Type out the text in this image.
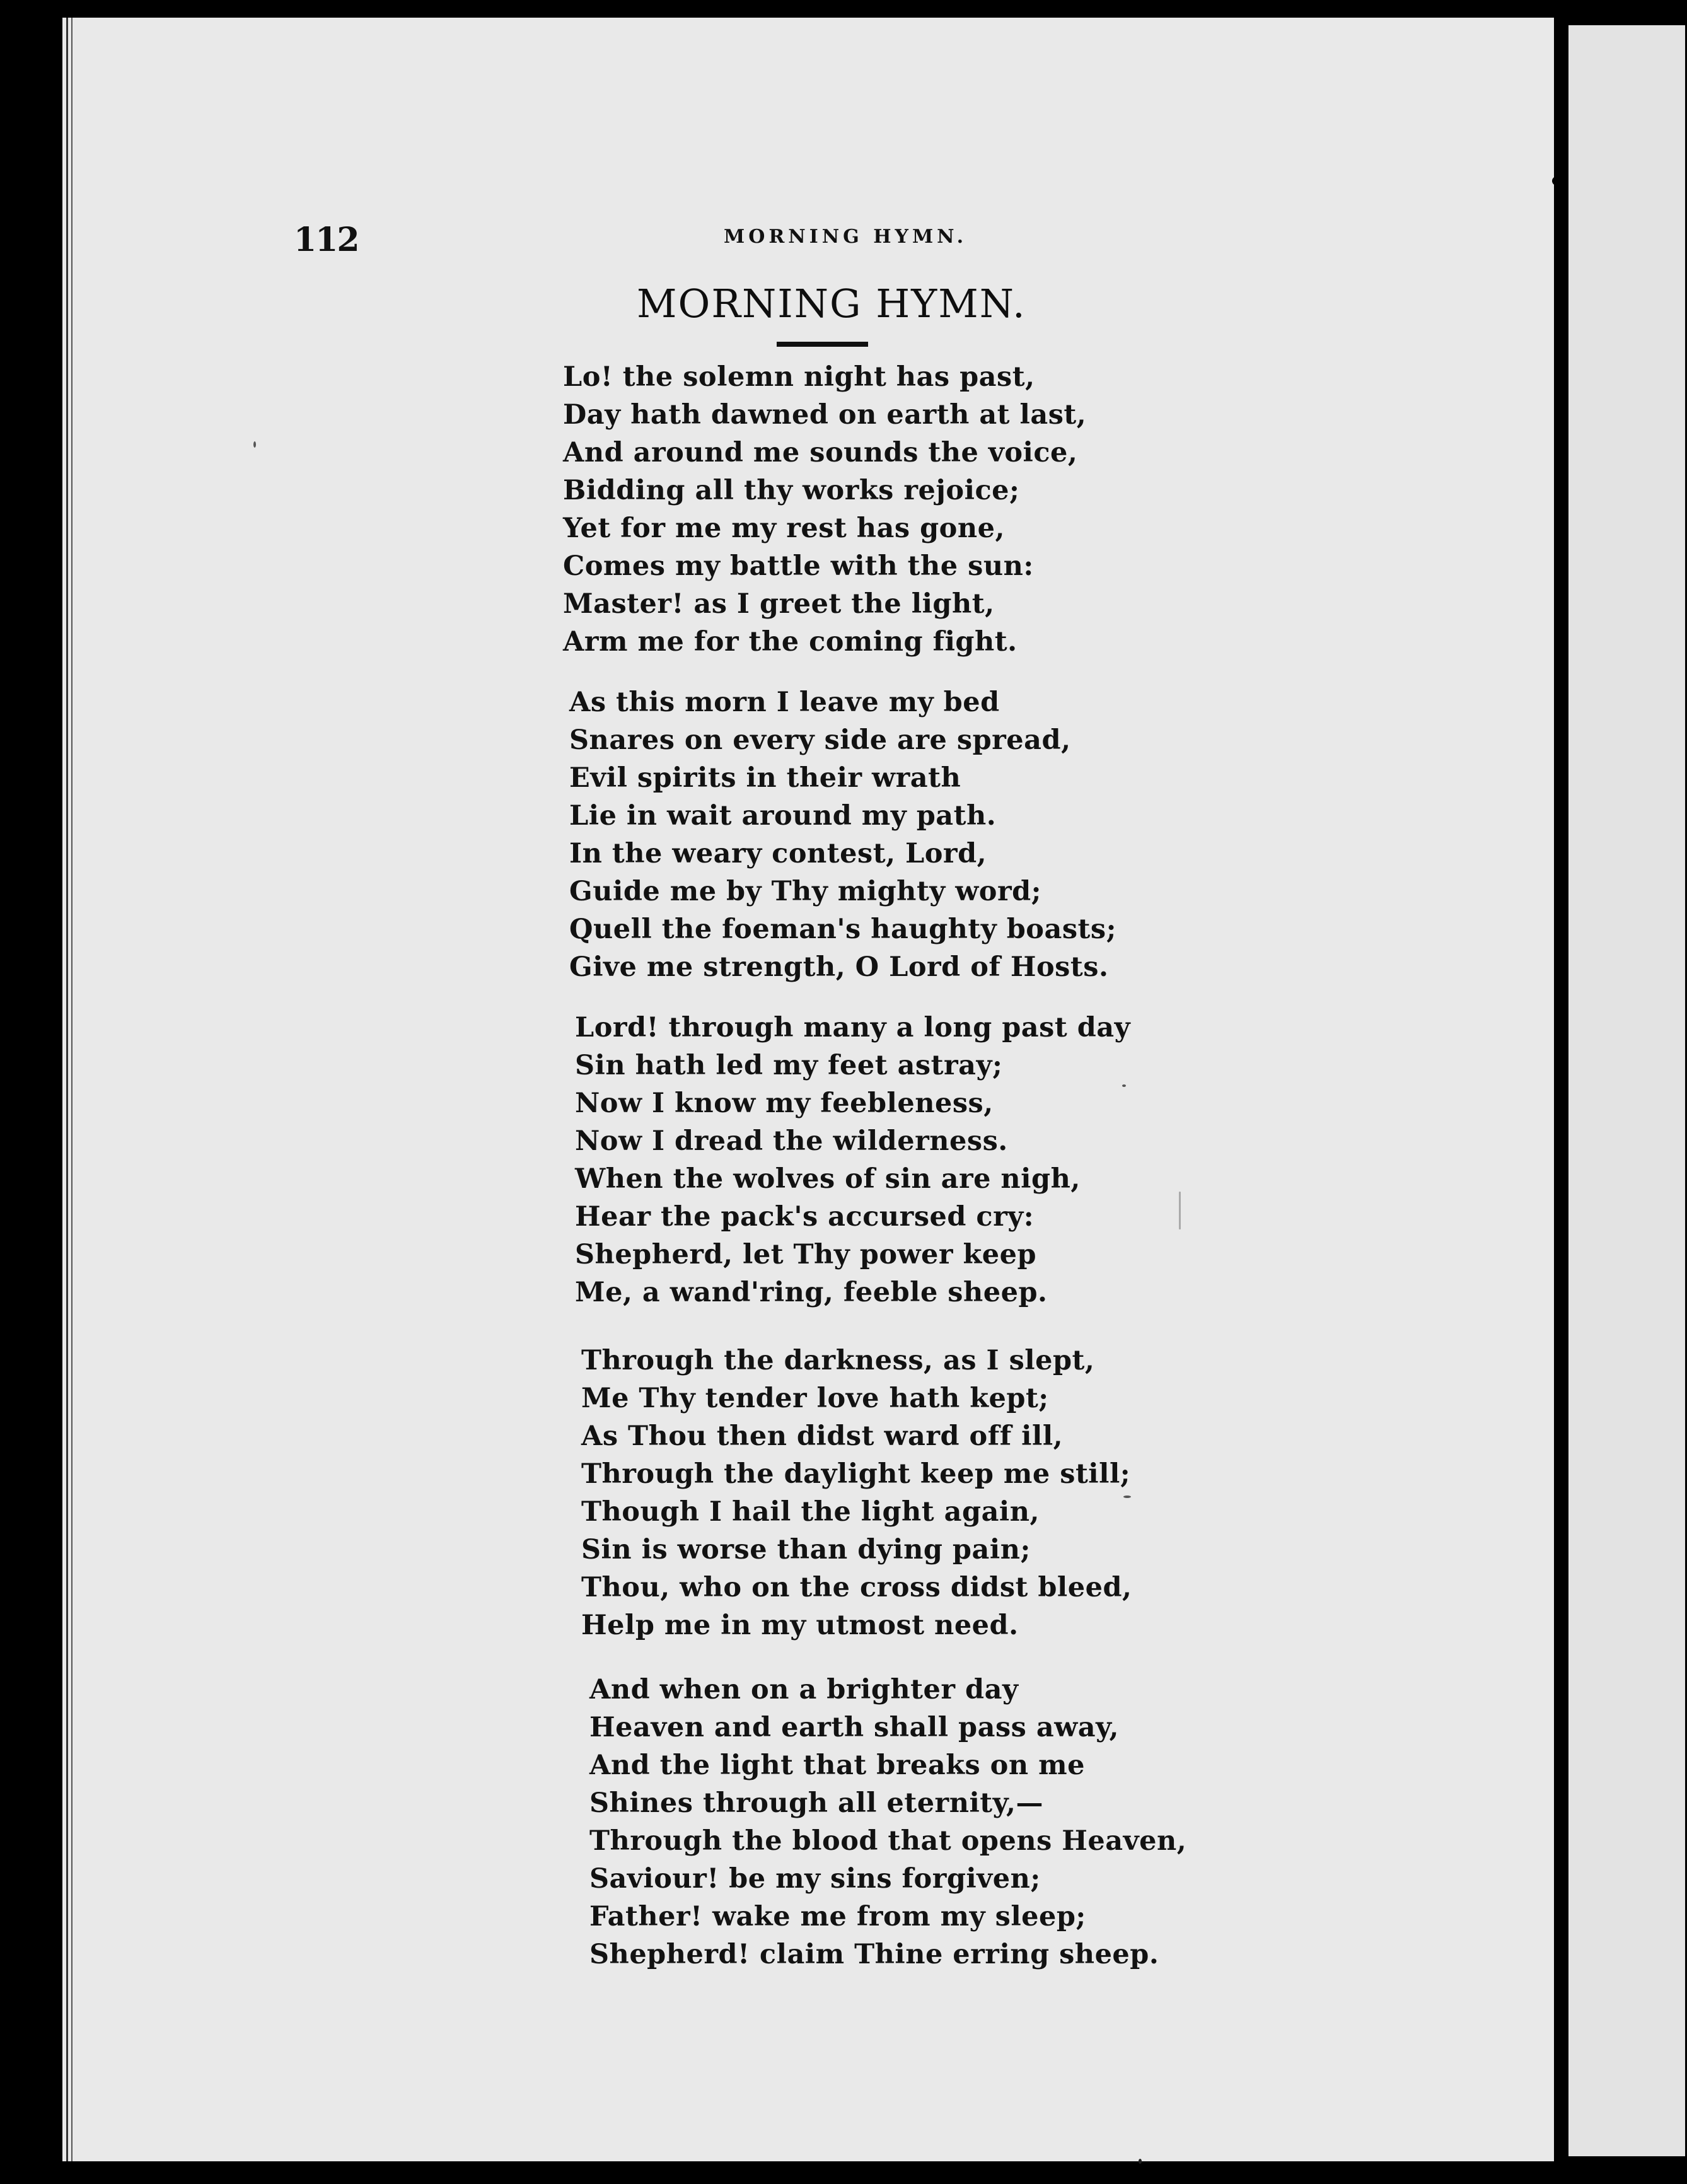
112	MORNING HYMN.
MORNING HYMN.
Lo! the solemn night has past,
Day hath dawned on earth at last,
And around me sounds the voice,
Bidding all thy works rejoice;
Yet for me my rest has gone,
Comes my battle with the sun:
Master! as I greet the light,
Arm me for the coming fight.
As this morn I leave my bed
Snares on every side are spread,
Evil spirits in their wrath
Lie in wait around my path.
In the weary contest, Lord,
Guide me by Thy mighty word;
Quell the foeman's haughty boasts;
Give me strength, O Lord of Hosts.
Lord! through many a long past day
Sin hath led my feet astray;
Now I know my feebleness,
Now I dread the wilderness.
When the wolves of sin are nigh,
Hear the pack's accursed cry:
Shepherd, let Thy power keep
Me, a wand'ring, feeble sheep.
Through the darkness, as I slept,
Me Thy tender love hath kept;
As Thou then didst ward off ill,
Through the daylight keep me still;
Though I hail the light again,
Sin is worse than dying pain;
Thou, who on the cross didst bleed,
Help me in my utmost need.
And when on a brighter day
Heaven and earth shall pass away,
And the light that breaks on me
Shines through all eternity,—
Through the blood that opens Heaven,
Saviour! be my sins forgiven;
Father! wake me from my sleep;
Shepherd! claim Thine erring sheep.
